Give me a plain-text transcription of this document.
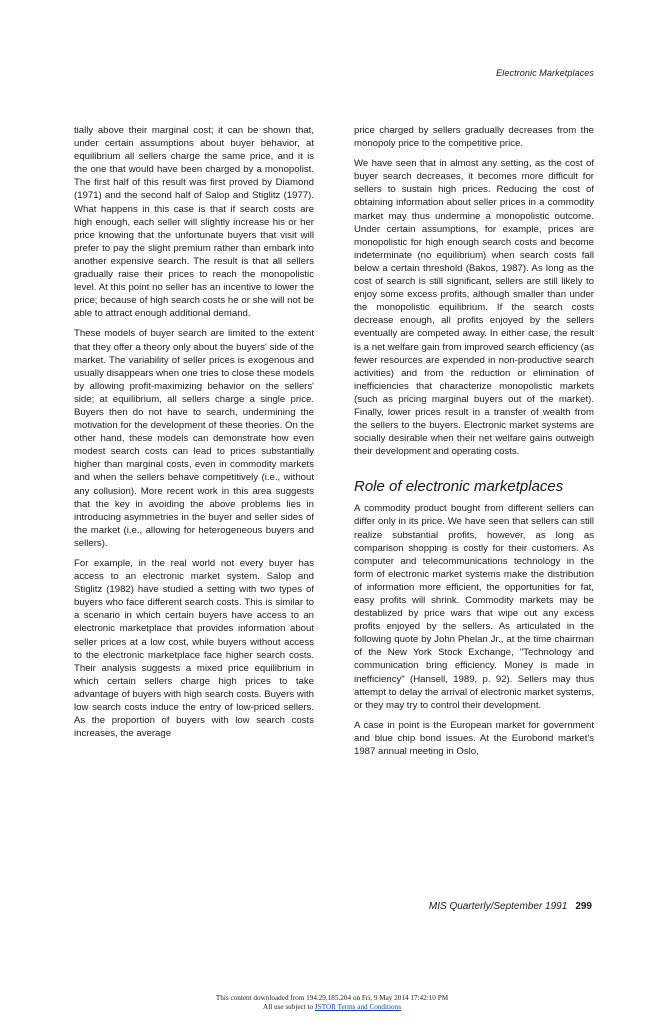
Electronic Marketplaces

tially above their marginal cost; it can be shown that, under certain assumptions about buyer behavior, at equilibrium all sellers charge the same price, and it is the one that would have been charged by a monopolist. The first half of this result was first proved by Diamond (1971) and the second half of Salop and Stiglitz (1977). What happens in this case is that if search costs are high enough, each seller will slightly increase his or her price knowing that the unfortunate buyers that visit will prefer to pay the slight premium rather than embark into another expensive search. The result is that all sellers gradually raise their prices to reach the monopolistic level. At this point no seller has an incentive to lower the price; because of high search costs he or she will not be able to attract enough additional demand.

These models of buyer search are limited to the extent that they offer a theory only about the buyers' side of the market. The variability of seller prices is exogenous and usually disappears when one tries to close these models by allowing profit-maximizing behavior on the sellers' side; at equilibrium, all sellers charge a single price. Buyers then do not have to search, undermining the motivation for the development of these theories. On the other hand, these models can demonstrate how even modest search costs can lead to prices substantially higher than marginal costs, even in commodity markets and when the sellers behave competitively (i.e., without any collusion). More recent work in this area suggests that the key in avoiding the above problems lies in introducing asymmetries in the buyer and seller sides of the market (i.e., allowing for heterogeneous buyers and sellers).

For example, in the real world not every buyer has access to an electronic market system. Salop and Stiglitz (1982) have studied a setting with two types of buyers who face different search costs. This is similar to a scenario in which certain buyers have access to an electronic marketplace that provides information about seller prices at a low cost, while buyers without access to the electronic marketplace face higher search costs. Their analysis suggests a mixed price equilibrium in which certain sellers charge high prices to take advantage of buyers with high search costs. Buyers with low search costs induce the entry of low-priced sellers. As the proportion of buyers with low search costs increases, the average

price charged by sellers gradually decreases from the monopoly price to the competitive price.

We have seen that in almost any setting, as the cost of buyer search decreases, it becomes more difficult for sellers to sustain high prices. Reducing the cost of obtaining information about seller prices in a commodity market may thus undermine a monopolistic outcome. Under certain assumptions, for example, prices are monopolistic for high enough search costs and become indeterminate (no equilibrium) when search costs fall below a certain threshold (Bakos, 1987). As long as the cost of search is still significant, sellers are still likely to enjoy some excess profits, although smaller than under the monopolistic equilibrium. If the search costs decrease enough, all profits enjoyed by the sellers eventually are competed away. In either case, the result is a net welfare gain from improved search efficiency (as fewer resources are expended in non-productive search activities) and from the reduction or elimination of inefficiencies that characterize monopolistic markets (such as pricing marginal buyers out of the market). Finally, lower prices result in a transfer of wealth from the sellers to the buyers. Electronic market systems are socially desirable when their net welfare gains outweigh their development and operating costs.

Role of electronic marketplaces

A commodity product bought from different sellers can differ only in its price. We have seen that sellers can still realize substantial profits, however, as long as comparison shopping is costly for their customers. As computer and telecommunications technology in the form of electronic market systems make the distribution of information more efficient, the opportunities for fat, easy profits will shrink. Commodity markets may be destablized by price wars that wipe out any excess profits enjoyed by the sellers. As articulated in the following quote by John Phelan Jr., at the time chairman of the New York Stock Exchange, "Technology and communication bring efficiency. Money is made in inefficiency" (Hansell, 1989, p. 92). Sellers may thus attempt to delay the arrival of electronic market systems, or they may try to control their development.

A case in point is the European market for government and blue chip bond issues. At the Eurobond market's 1987 annual meeting in Oslo,

MIS Quarterly/September 1991 299
This content downloaded from 194.29.185.204 on Fri, 9 May 2014 17:42:10 PM
All use subject to JSTOR Terms and Conditions
